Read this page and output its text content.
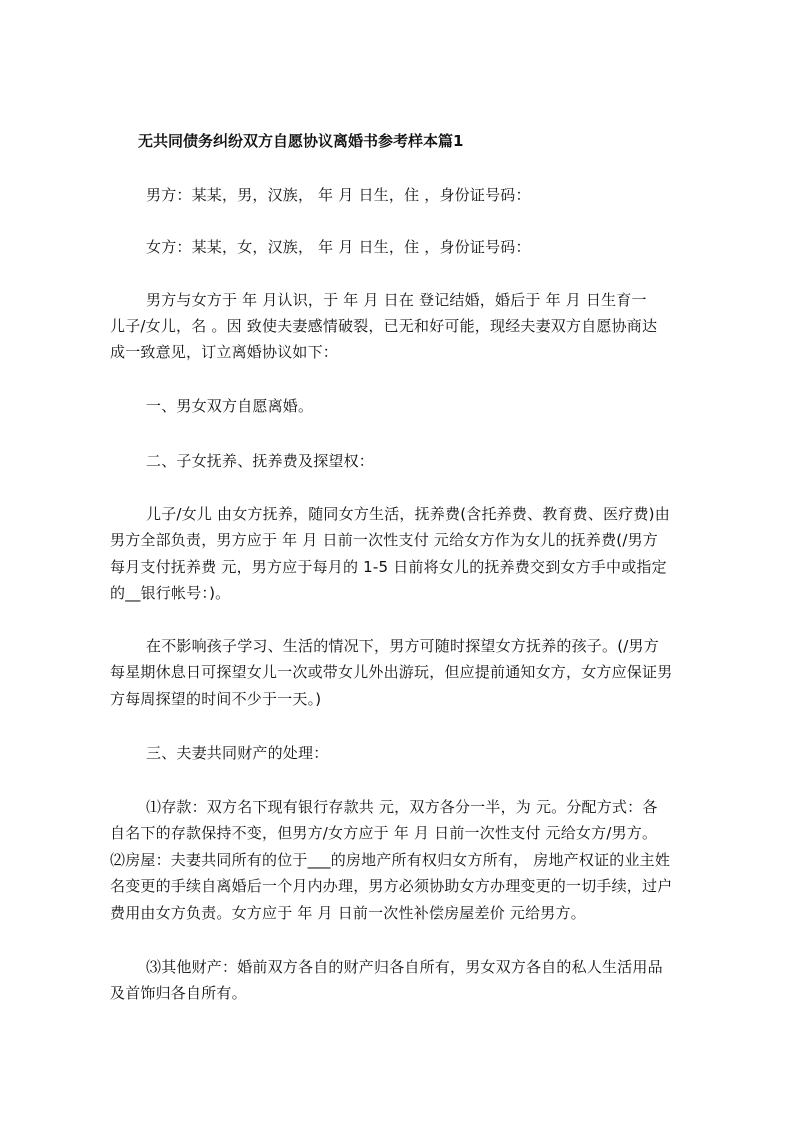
无共同债务纠纷双方自愿协议离婚书参考样本篇1
男方：某某，男，汉族， 年 月 日生，住 ，身份证号码：
女方：某某，女，汉族， 年 月 日生，住 ，身份证号码：
男方与女方于 年 月认识，于 年 月 日在 登记结婚，婚后于 年 月 日生育一
儿子/女儿，名 。因 致使夫妻感情破裂，已无和好可能，现经夫妻双方自愿协商达
成一致意见，订立离婚协议如下：
一、男女双方自愿离婚。
二、子女抚养、抚养费及探望权：
儿子/女儿 由女方抚养，随同女方生活，抚养费(含托养费、教育费、医疗费)由
男方全部负责，男方应于 年 月 日前一次性支付 元给女方作为女儿的抚养费(/男方
每月支付抚养费 元，男方应于每月的 1-5 日前将女儿的抚养费交到女方手中或指定
的__银行帐号：)。
在不影响孩子学习、生活的情况下，男方可随时探望女方抚养的孩子。(/男方
每星期休息日可探望女儿一次或带女儿外出游玩，但应提前通知女方，女方应保证男
方每周探望的时间不少于一天。)
三、夫妻共同财产的处理：
⑴存款：双方名下现有银行存款共 元，双方各分一半，为 元。分配方式：各
自名下的存款保持不变，但男方/女方应于 年 月 日前一次性支付 元给女方/男方。
⑵房屋：夫妻共同所有的位于___的房地产所有权归女方所有， 房地产权证的业主姓
名变更的手续自离婚后一个月内办理，男方必须协助女方办理变更的一切手续，过户
费用由女方负责。女方应于 年 月 日前一次性补偿房屋差价 元给男方。
⑶其他财产：婚前双方各自的财产归各自所有，男女双方各自的私人生活用品
及首饰归各自所有。
